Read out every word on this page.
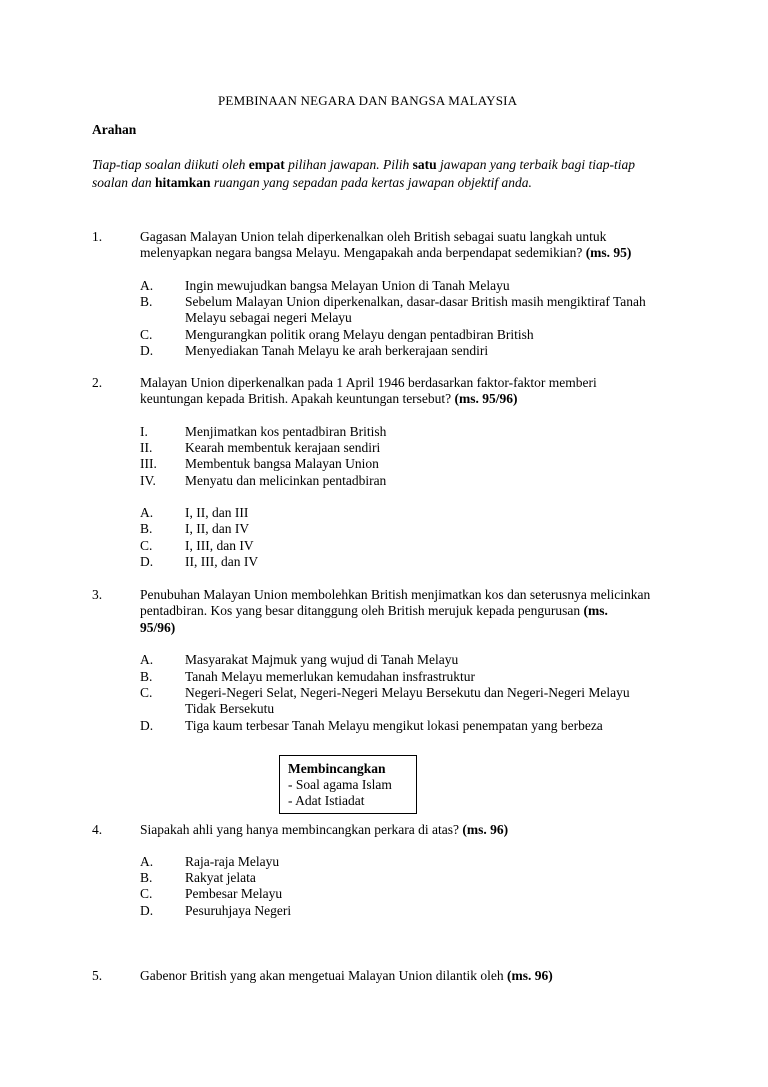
PEMBINAAN NEGARA DAN BANGSA MALAYSIA
Arahan
Tiap-tiap soalan diikuti oleh empat pilihan jawapan. Pilih satu jawapan yang terbaik bagi tiap-tiap
soalan dan hitamkan ruangan yang sepadan pada kertas jawapan objektif anda.
1.	Gagasan Malayan Union telah diperkenalkan oleh British sebagai suatu langkah untuk
melenyapkan negara bangsa Melayu. Mengapakah anda berpendapat sedemikian? (ms. 95)
A. Ingin mewujudkan bangsa Melayan Union di Tanah Melayu
B. Sebelum Malayan Union diperkenalkan, dasar-dasar British masih mengiktiraf Tanah
Melayu sebagai negeri Melayu
C. Mengurangkan politik orang Melayu dengan pentadbiran British
D. Menyediakan Tanah Melayu ke arah berkerajaan sendiri
2.	Malayan Union diperkenalkan pada 1 April 1946 berdasarkan faktor-faktor memberi
keuntungan kepada British. Apakah keuntungan tersebut? (ms. 95/96)
I.	Menjimatkan kos pentadbiran British
II. Kearah membentuk kerajaan sendiri
III. Membentuk bangsa Malayan Union
IV. Menyatu dan melicinkan pentadbiran
A. I, II, dan III
B. I, II, dan IV
C. I, III, dan IV
D. II, III, dan IV
3.	Penubuhan Malayan Union membolehkan British menjimatkan kos dan seterusnya melicinkan
pentadbiran. Kos yang besar ditanggung oleh British merujuk kepada pengurusan (ms.
95/96)
A. Masyarakat Majmuk yang wujud di Tanah Melayu
B. Tanah Melayu memerlukan kemudahan insfrastruktur
C. Negeri-Negeri Selat, Negeri-Negeri Melayu Bersekutu dan Negeri-Negeri Melayu
Tidak Bersekutu
D. Tiga kaum terbesar Tanah Melayu mengikut lokasi penempatan yang berbeza
Membincangkan
- Soal agama Islam
- Adat Istiadat
4.	Siapakah ahli yang hanya membincangkan perkara di atas? (ms. 96)
A. Raja-raja Melayu
B. Rakyat jelata
C. Pembesar Melayu
D. Pesuruhjaya Negeri
5.	Gabenor British yang akan mengetuai Malayan Union dilantik oleh (ms. 96)
